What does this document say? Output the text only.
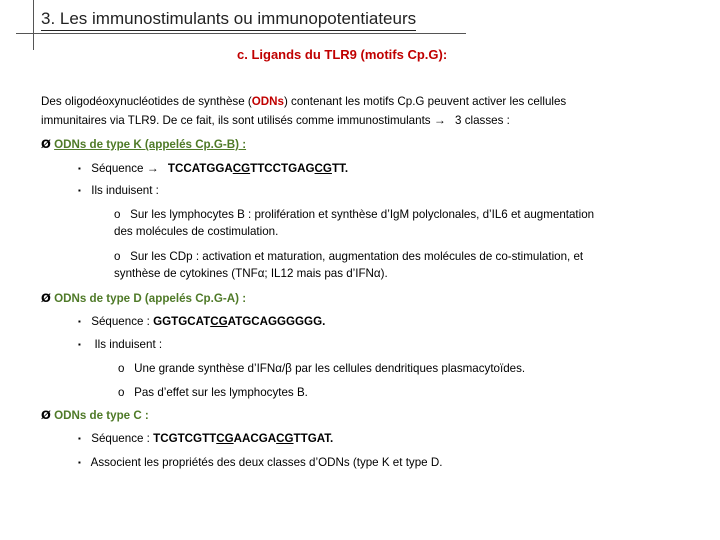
3. Les immunostimulants ou immunopotentiateurs
c. Ligands du TLR9 (motifs Cp.G):
Des oligodéoxynucléotides de synthèse (ODNs) contenant les motifs Cp.G peuvent activer les cellules
immunitaires via TLR9. De ce fait, ils sont utilisés comme immunostimulants → 3 classes :
Ø ODNs de type K (appelés Cp.G-B) :
▪ Séquence → TCCATGGACGTTCCTGAGCGTT.
▪ Ils induisent :
o Sur les lymphocytes B : prolifération et synthèse d’IgM polyclonales, d’IL6 et augmentation
des molécules de costimulation.
o Sur les CDp : activation et maturation, augmentation des molécules de co-stimulation, et
synthèse de cytokines (TNFα; IL12 mais pas d’IFNα).
Ø ODNs de type D (appelés Cp.G-A) :
▪ Séquence : GGTGCATCGATGCAGGGGGG.
▪ Ils induisent :
o Une grande synthèse d’IFNα/β par les cellules dendritiques plasmacytoïdes.
o Pas d’effet sur les lymphocytes B.
Ø ODNs de type C :
▪ Séquence : TCGTCGTTCGAACGACGTTGAT.
▪ Associent les propriétés des deux classes d’ODNs (type K et type D.
